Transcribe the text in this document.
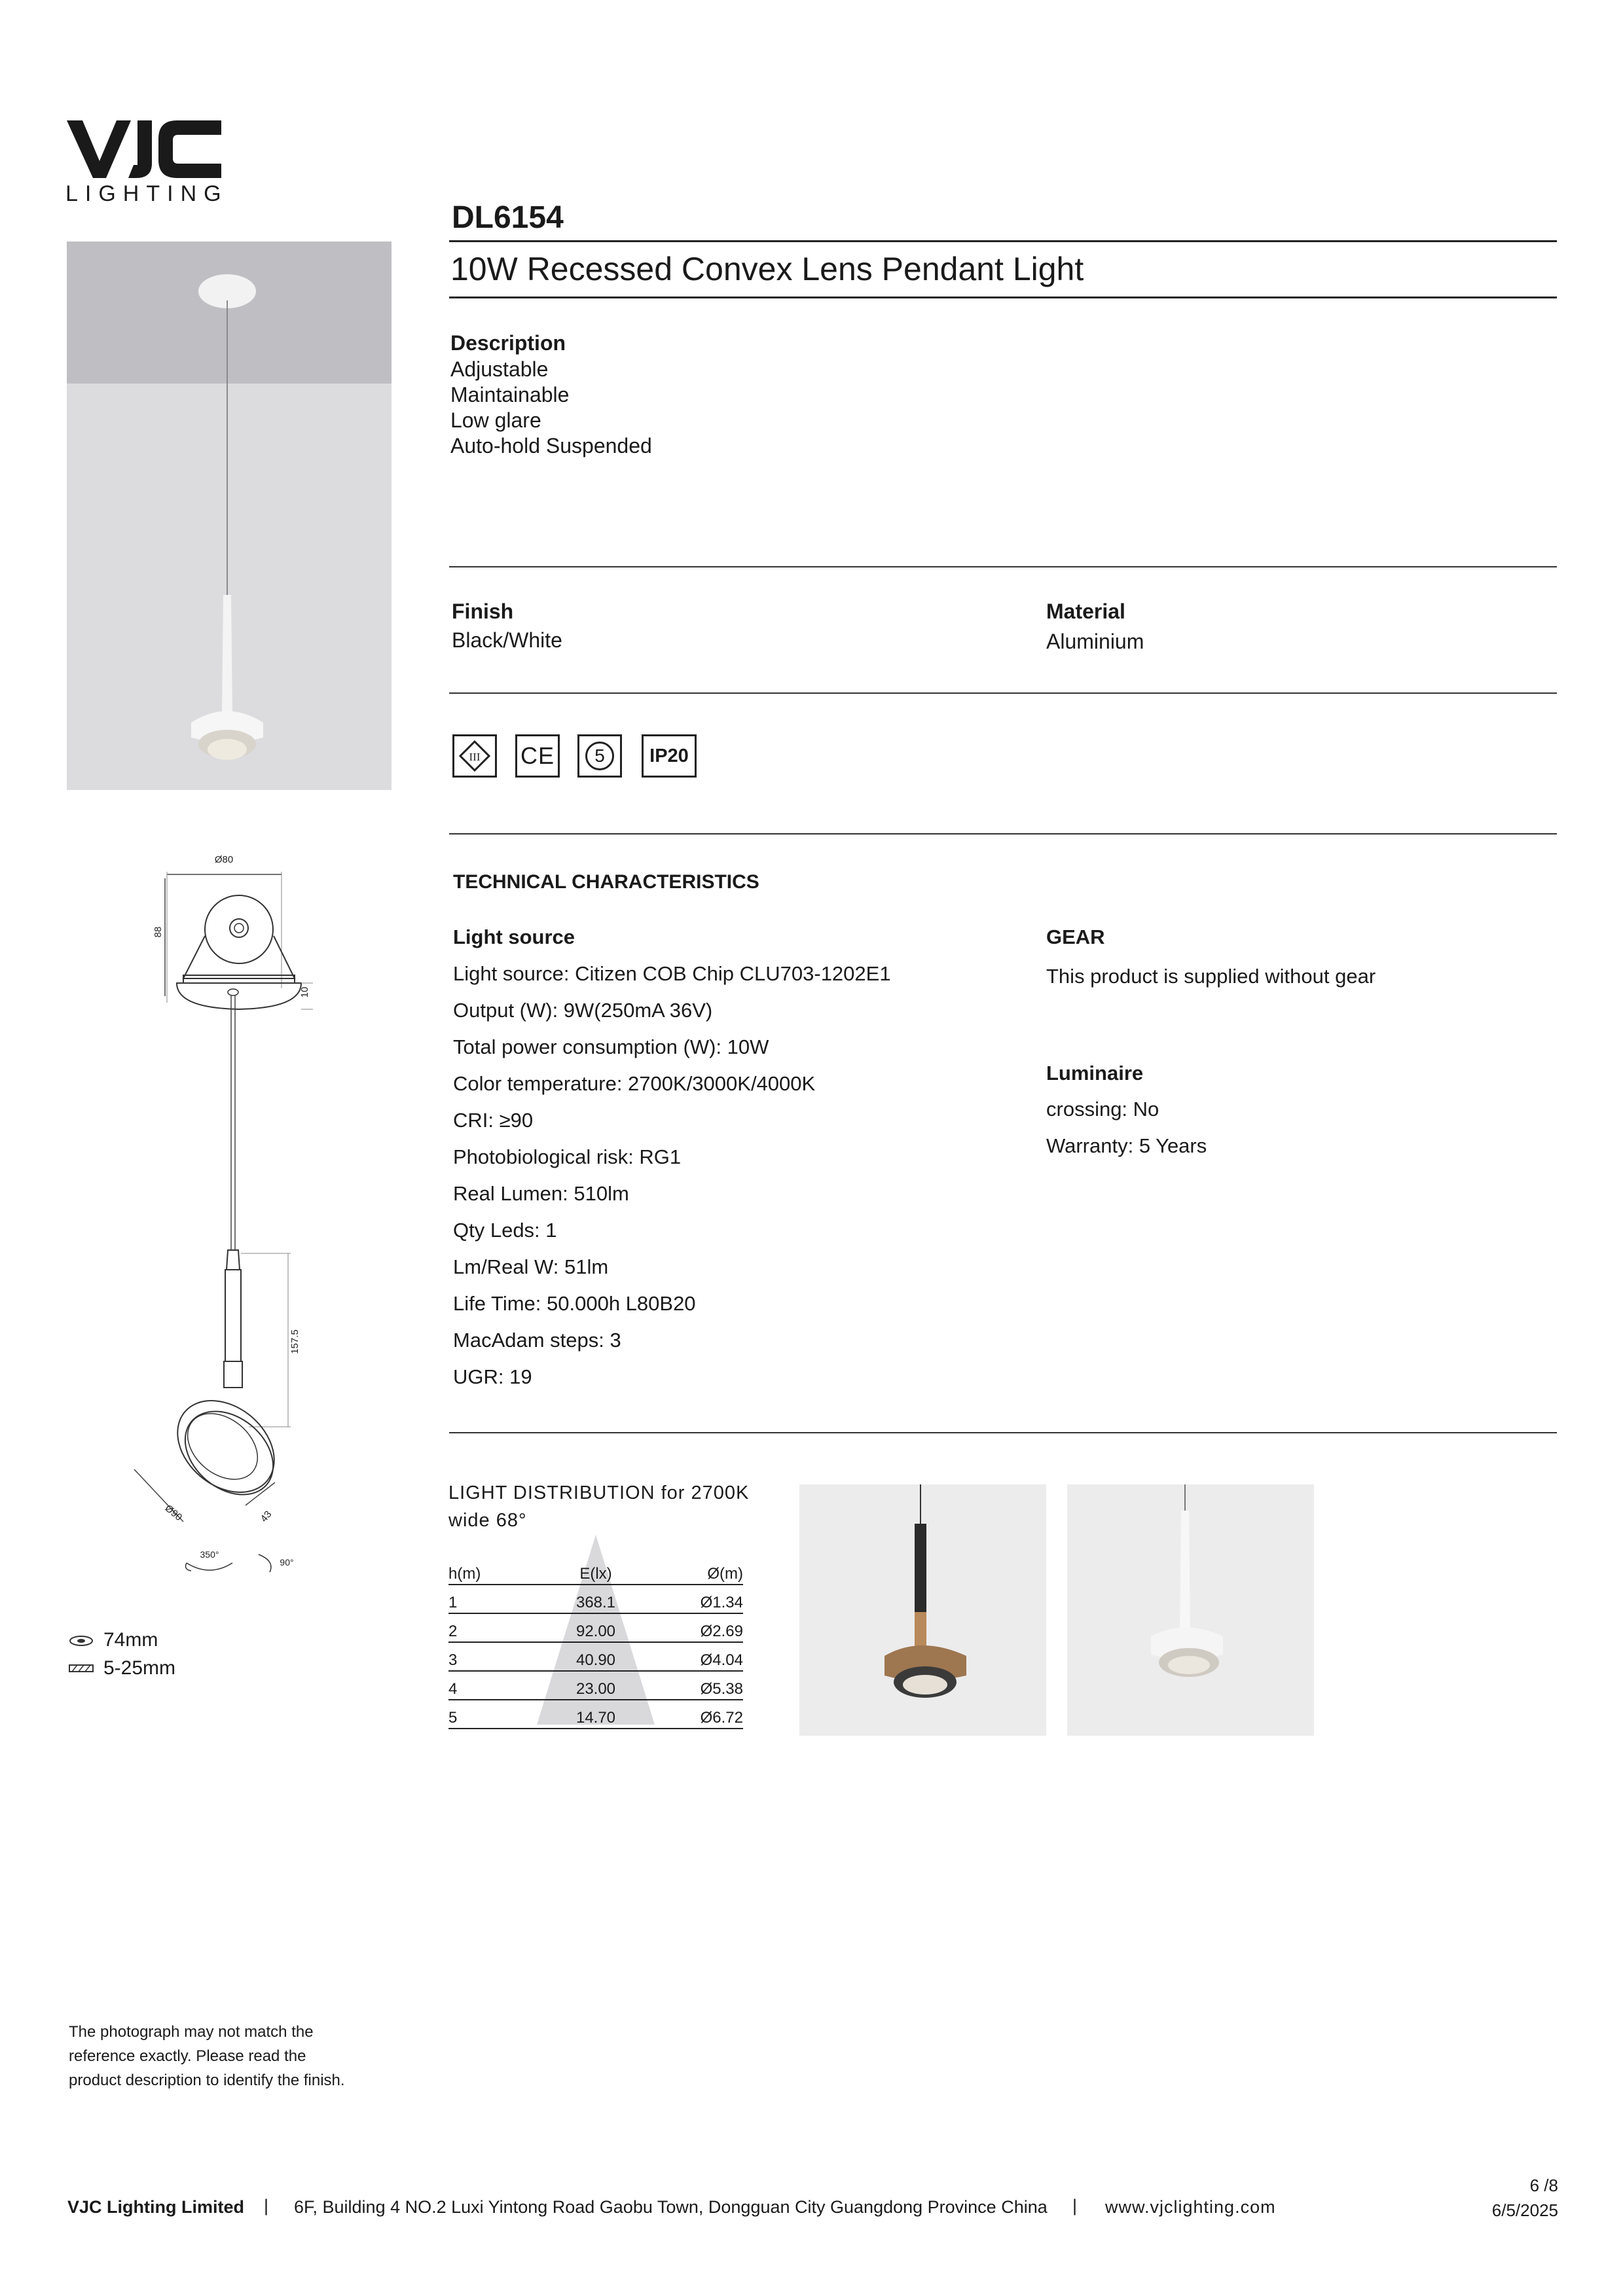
LIGHTING
DL6154
10W Recessed Convex Lens Pendant Light
Description
Adjustable
Maintainable
Low glare
Auto-hold Suspended
Finish
Black/White
Material
Aluminium
III CE	5	IP20
Ø80
88
10
157.5
Ø90	43
350°
90°
74mm
5-25mm
TECHNICAL CHARACTERISTICS
Light source
Light source: Citizen COB Chip CLU703-1202E1
Output (W): 9W(250mA 36V)
Total power consumption (W): 10W
Color temperature: 2700K/3000K/4000K
CRI: ≥90
Photobiological risk: RG1
Real Lumen: 510lm
Qty Leds: 1
Lm/Real W: 51lm
Life Time: 50.000h L80B20
MacAdam steps: 3
UGR: 19
GEAR
This product is supplied without gear
Luminaire
crossing: No
Warranty: 5 Years
LIGHT DISTRIBUTION for 2700K
wide 68°
h(m)	E(lx)	Ø(m)
1	368.1	Ø1.34
2	92.00	Ø2.69
3	40.90	Ø4.04
4	23.00	Ø5.38
5	14.70	Ø6.72
The photograph may not match the
reference exactly. Please read the
product description to identify the finish.
VJC Lighting Limited | 6F, Building 4 NO.2 Luxi Yintong Road Gaobu Town, Dongguan City Guangdong Province China | www.vjclighting.com
6 /8
6/5/2025
